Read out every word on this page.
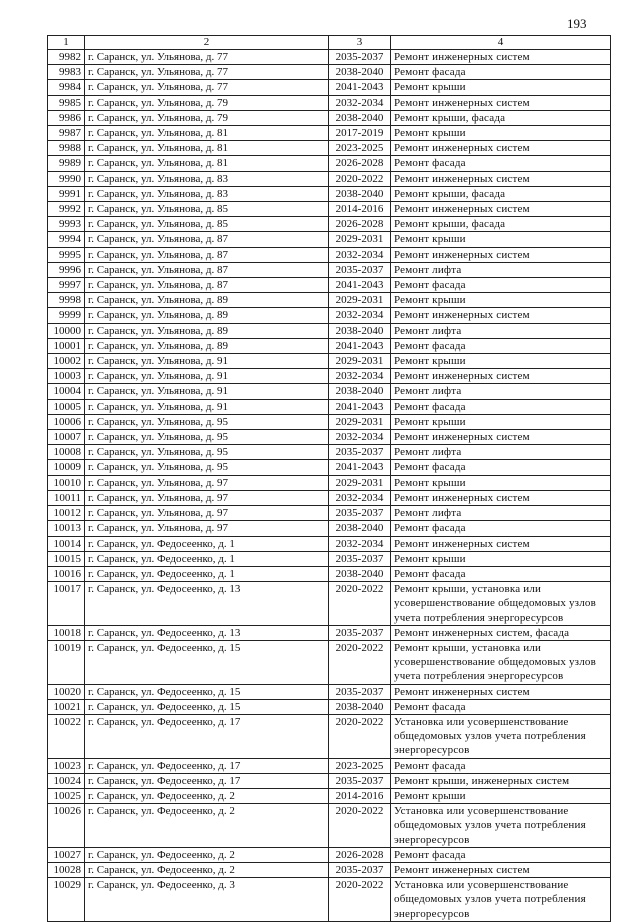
193
1	2	3	4
9982	г. Саранск, ул. Ульянова, д. 77	2035-2037	Ремонт инженерных систем
9983	г. Саранск, ул. Ульянова, д. 77	2038-2040	Ремонт фасада
9984	г. Саранск, ул. Ульянова, д. 77	2041-2043	Ремонт крыши
9985	г. Саранск, ул. Ульянова, д. 79	2032-2034	Ремонт инженерных систем
9986	г. Саранск, ул. Ульянова, д. 79	2038-2040	Ремонт крыши, фасада
9987	г. Саранск, ул. Ульянова, д. 81	2017-2019	Ремонт крыши
9988	г. Саранск, ул. Ульянова, д. 81	2023-2025	Ремонт инженерных систем
9989	г. Саранск, ул. Ульянова, д. 81	2026-2028	Ремонт фасада
9990	г. Саранск, ул. Ульянова, д. 83	2020-2022	Ремонт инженерных систем
9991	г. Саранск, ул. Ульянова, д. 83	2038-2040	Ремонт крыши, фасада
9992	г. Саранск, ул. Ульянова, д. 85	2014-2016	Ремонт инженерных систем
9993	г. Саранск, ул. Ульянова, д. 85	2026-2028	Ремонт крыши, фасада
9994	г. Саранск, ул. Ульянова, д. 87	2029-2031	Ремонт крыши
9995	г. Саранск, ул. Ульянова, д. 87	2032-2034	Ремонт инженерных систем
9996	г. Саранск, ул. Ульянова, д. 87	2035-2037	Ремонт лифта
9997	г. Саранск, ул. Ульянова, д. 87	2041-2043	Ремонт фасада
9998	г. Саранск, ул. Ульянова, д. 89	2029-2031	Ремонт крыши
9999	г. Саранск, ул. Ульянова, д. 89	2032-2034	Ремонт инженерных систем
10000	г. Саранск, ул. Ульянова, д. 89	2038-2040	Ремонт лифта
10001	г. Саранск, ул. Ульянова, д. 89	2041-2043	Ремонт фасада
10002	г. Саранск, ул. Ульянова, д. 91	2029-2031	Ремонт крыши
10003	г. Саранск, ул. Ульянова, д. 91	2032-2034	Ремонт инженерных систем
10004	г. Саранск, ул. Ульянова, д. 91	2038-2040	Ремонт лифта
10005	г. Саранск, ул. Ульянова, д. 91	2041-2043	Ремонт фасада
10006	г. Саранск, ул. Ульянова, д. 95	2029-2031	Ремонт крыши
10007	г. Саранск, ул. Ульянова, д. 95	2032-2034	Ремонт инженерных систем
10008	г. Саранск, ул. Ульянова, д. 95	2035-2037	Ремонт лифта
10009	г. Саранск, ул. Ульянова, д. 95	2041-2043	Ремонт фасада
10010	г. Саранск, ул. Ульянова, д. 97	2029-2031	Ремонт крыши
10011	г. Саранск, ул. Ульянова, д. 97	2032-2034	Ремонт инженерных систем
10012	г. Саранск, ул. Ульянова, д. 97	2035-2037	Ремонт лифта
10013	г. Саранск, ул. Ульянова, д. 97	2038-2040	Ремонт фасада
10014	г. Саранск, ул. Федосеенко, д. 1	2032-2034	Ремонт инженерных систем
10015	г. Саранск, ул. Федосеенко, д. 1	2035-2037	Ремонт крыши
10016	г. Саранск, ул. Федосеенко, д. 1	2038-2040	Ремонт фасада
10017	г. Саранск, ул. Федосеенко, д. 13	2020-2022	Ремонт крыши, установка или усовершенствование общедомовых узлов учета потребления энергоресурсов
10018	г. Саранск, ул. Федосеенко, д. 13	2035-2037	Ремонт инженерных систем, фасада
10019	г. Саранск, ул. Федосеенко, д. 15	2020-2022	Ремонт крыши, установка или усовершенствование общедомовых узлов учета потребления энергоресурсов
10020	г. Саранск, ул. Федосеенко, д. 15	2035-2037	Ремонт инженерных систем
10021	г. Саранск, ул. Федосеенко, д. 15	2038-2040	Ремонт фасада
10022	г. Саранск, ул. Федосеенко, д. 17	2020-2022	Установка или усовершенствование общедомовых узлов учета потребления энергоресурсов
10023	г. Саранск, ул. Федосеенко, д. 17	2023-2025	Ремонт фасада
10024	г. Саранск, ул. Федосеенко, д. 17	2035-2037	Ремонт крыши, инженерных систем
10025	г. Саранск, ул. Федосеенко, д. 2	2014-2016	Ремонт крыши
10026	г. Саранск, ул. Федосеенко, д. 2	2020-2022	Установка или усовершенствование общедомовых узлов учета потребления энергоресурсов
10027	г. Саранск, ул. Федосеенко, д. 2	2026-2028	Ремонт фасада
10028	г. Саранск, ул. Федосеенко, д. 2	2035-2037	Ремонт инженерных систем
10029	г. Саранск, ул. Федосеенко, д. 3	2020-2022	Установка или усовершенствование общедомовых узлов учета потребления энергоресурсов
